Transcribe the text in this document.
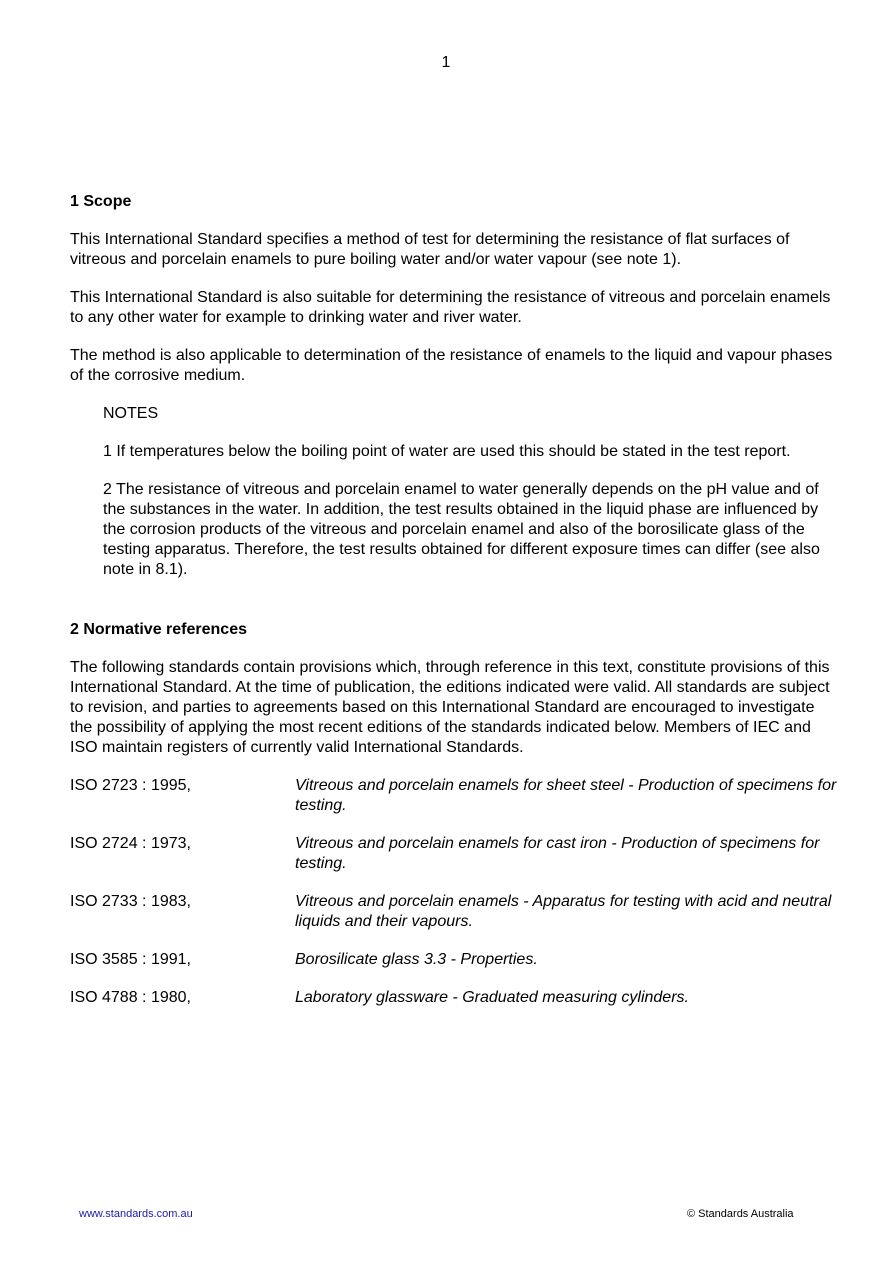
1
1 Scope

This International Standard specifies a method of test for determining the resistance of flat surfaces of vitreous and porcelain enamels to pure boiling water and/or water vapour (see note 1).

This International Standard is also suitable for determining the resistance of vitreous and porcelain enamels to any other water for example to drinking water and river water.

The method is also applicable to determination of the resistance of enamels to the liquid and vapour phases of the corrosive medium.

NOTES

1 If temperatures below the boiling point of water are used this should be stated in the test report.

2 The resistance of vitreous and porcelain enamel to water generally depends on the pH value and of the substances in the water. In addition, the test results obtained in the liquid phase are influenced by the corrosion products of the vitreous and porcelain enamel and also of the borosilicate glass of the testing apparatus. Therefore, the test results obtained for different exposure times can differ (see also note in 8.1).

2 Normative references

The following standards contain provisions which, through reference in this text, constitute provisions of this International Standard. At the time of publication, the editions indicated were valid. All standards are subject to revision, and parties to agreements based on this International Standard are encouraged to investigate the possibility of applying the most recent editions of the standards indicated below. Members of IEC and ISO maintain registers of currently valid International Standards.

ISO 2723 : 1995,	Vitreous and porcelain enamels for sheet steel - Production of specimens for testing.
ISO 2724 : 1973,	Vitreous and porcelain enamels for cast iron - Production of specimens for testing.
ISO 2733 : 1983,	Vitreous and porcelain enamels - Apparatus for testing with acid and neutral liquids and their vapours.
ISO 3585 : 1991,	Borosilicate glass 3.3 - Properties.
ISO 4788 : 1980,	Laboratory glassware - Graduated measuring cylinders.
www.standards.com.au	© Standards Australia
